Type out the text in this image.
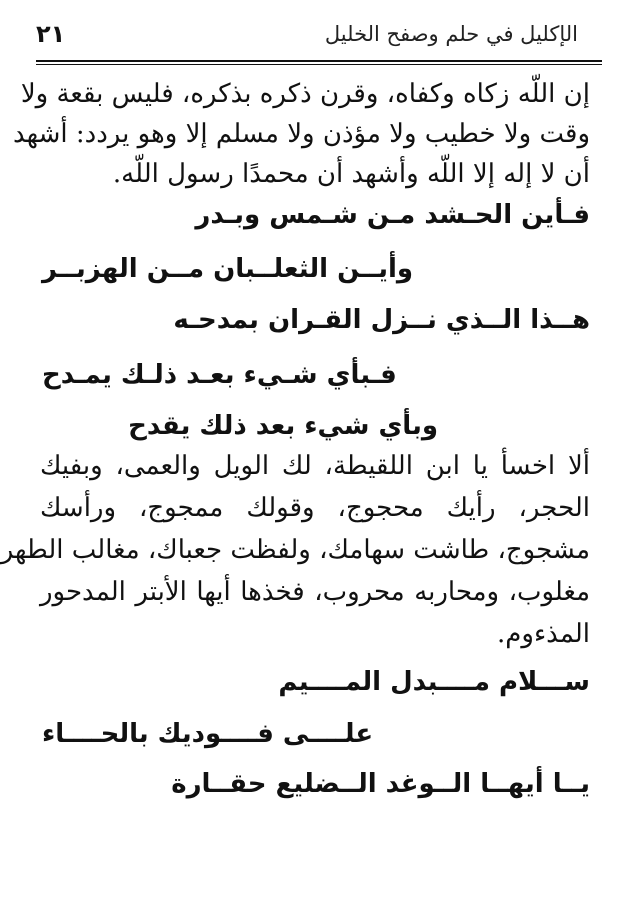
الإكليل في حلم وصفح الخليل
٢١
إن اللّه زكاه وكفاه، وقرن ذكره بذكره، فليس بقعة ولا
وقت ولا خطيب ولا مؤذن ولا مسلم إلا وهو يردد: أشهد
أن لا إله إلا اللّه وأشهد أن محمدًا رسول اللّه.
فـأين الحـشد مـن شـمس وبـدر
وأيــن الثعلــبان مــن الهزبــر
هــذا الــذي نــزل القـران بمدحـه
فـبأي شـيء بعـد ذلـك يمـدح
وبأي شيء بعد ذلك يقدح
ألا اخسأ يا ابن اللقيطة، لك الويل والعمى، وبفيك
الحجر، رأيك محجوج، وقولك ممجوج، ورأسك
مشجوج، طاشت سهامك، ولفظت جعباك، مغالب الطهر
مغلوب، ومحاربه محروب، فخذها أيها الأبتر المدحور
المذءوم.
ســـلام مــــبدل المــــيم
علــــى فــــوديك بالحــــاء
يــا أيهــا الــوغد الــضليع حقــارة
